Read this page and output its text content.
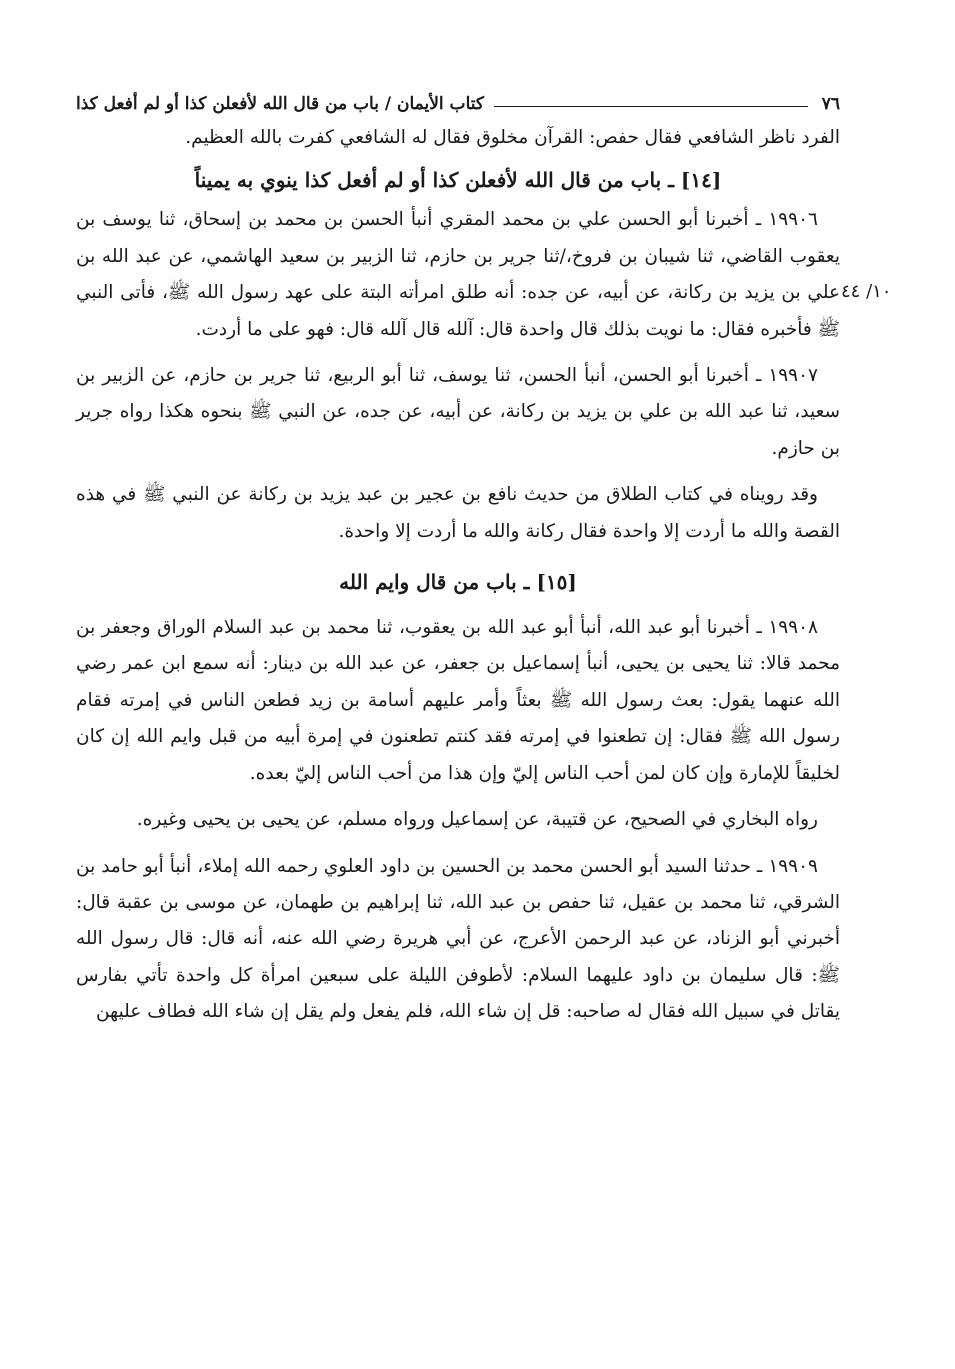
٧٦
كتاب الأيمان / باب من قال الله لأفعلن كذا أو لم أفعل كذا

الفرد ناظر الشافعي فقال حفص: القرآن مخلوق فقال له الشافعي كفرت بالله العظيم.

[١٤] ـ باب من قال الله لأفعلن كذا أو لم أفعل كذا ينوي به يميناً

١٩٩٠٦ ـ أخبرنا أبو الحسن علي بن محمد المقري أنبأ الحسن بن محمد بن إسحاق، ثنا يوسف بن يعقوب القاضي، ثنا شيبان بن فروخ،/ثنا جرير بن حازم، ثنا الزبير بن سعيد الهاشمي، عن عبد الله بن علي بن يزيد بن ركانة، عن أبيه، عن جده: أنه طلق امرأته البتة على عهد رسول الله ﷺ، فأتى النبي ﷺ فأخبره فقال: ما نويت بذلك قال واحدة قال: آلله قال آلله قال: فهو على ما أردت.

١٩٩٠٧ ـ أخبرنا أبو الحسن، أنبأ الحسن، ثنا يوسف، ثنا أبو الربيع، ثنا جرير بن حازم، عن الزبير بن سعيد، ثنا عبد الله بن علي بن يزيد بن ركانة، عن أبيه، عن جده، عن النبي ﷺ بنحوه هكذا رواه جرير بن حازم.

وقد رويناه في كتاب الطلاق من حديث نافع بن عجير بن عبد يزيد بن ركانة عن النبي ﷺ في هذه القصة والله ما أردت إلا واحدة فقال ركانة والله ما أردت إلا واحدة.

[١٥] ـ باب من قال وايم الله

١٩٩٠٨ ـ أخبرنا أبو عبد الله، أنبأ أبو عبد الله بن يعقوب، ثنا محمد بن عبد السلام الوراق وجعفر بن محمد قالا: ثنا يحيى بن يحيى، أنبأ إسماعيل بن جعفر، عن عبد الله بن دينار: أنه سمع ابن عمر رضي الله عنهما يقول: بعث رسول الله ﷺ بعثاً وأمر عليهم أسامة بن زيد فطعن الناس في إمرته فقام رسول الله ﷺ فقال: إن تطعنوا في إمرته فقد كنتم تطعنون في إمرة أبيه من قبل وايم الله إن كان لخليقاً للإمارة وإن كان لمن أحب الناس إليّ وإن هذا من أحب الناس إليّ بعده.

رواه البخاري في الصحيح، عن قتيبة، عن إسماعيل ورواه مسلم، عن يحيى بن يحيى وغيره.

١٩٩٠٩ ـ حدثنا السيد أبو الحسن محمد بن الحسين بن داود العلوي رحمه الله إملاء، أنبأ أبو حامد بن الشرقي، ثنا محمد بن عقيل، ثنا حفص بن عبد الله، ثنا إبراهيم بن طهمان، عن موسى بن عقبة قال: أخبرني أبو الزناد، عن عبد الرحمن الأعرج، عن أبي هريرة رضي الله عنه، أنه قال: قال رسول الله ﷺ: قال سليمان بن داود عليهما السلام: لأطوفن الليلة على سبعين امرأة كل واحدة تأتي بفارس يقاتل في سبيل الله فقال له صاحبه: قل إن شاء الله، فلم يفعل ولم يقل إن شاء الله فطاف عليهن

١٠/ ٤٤
